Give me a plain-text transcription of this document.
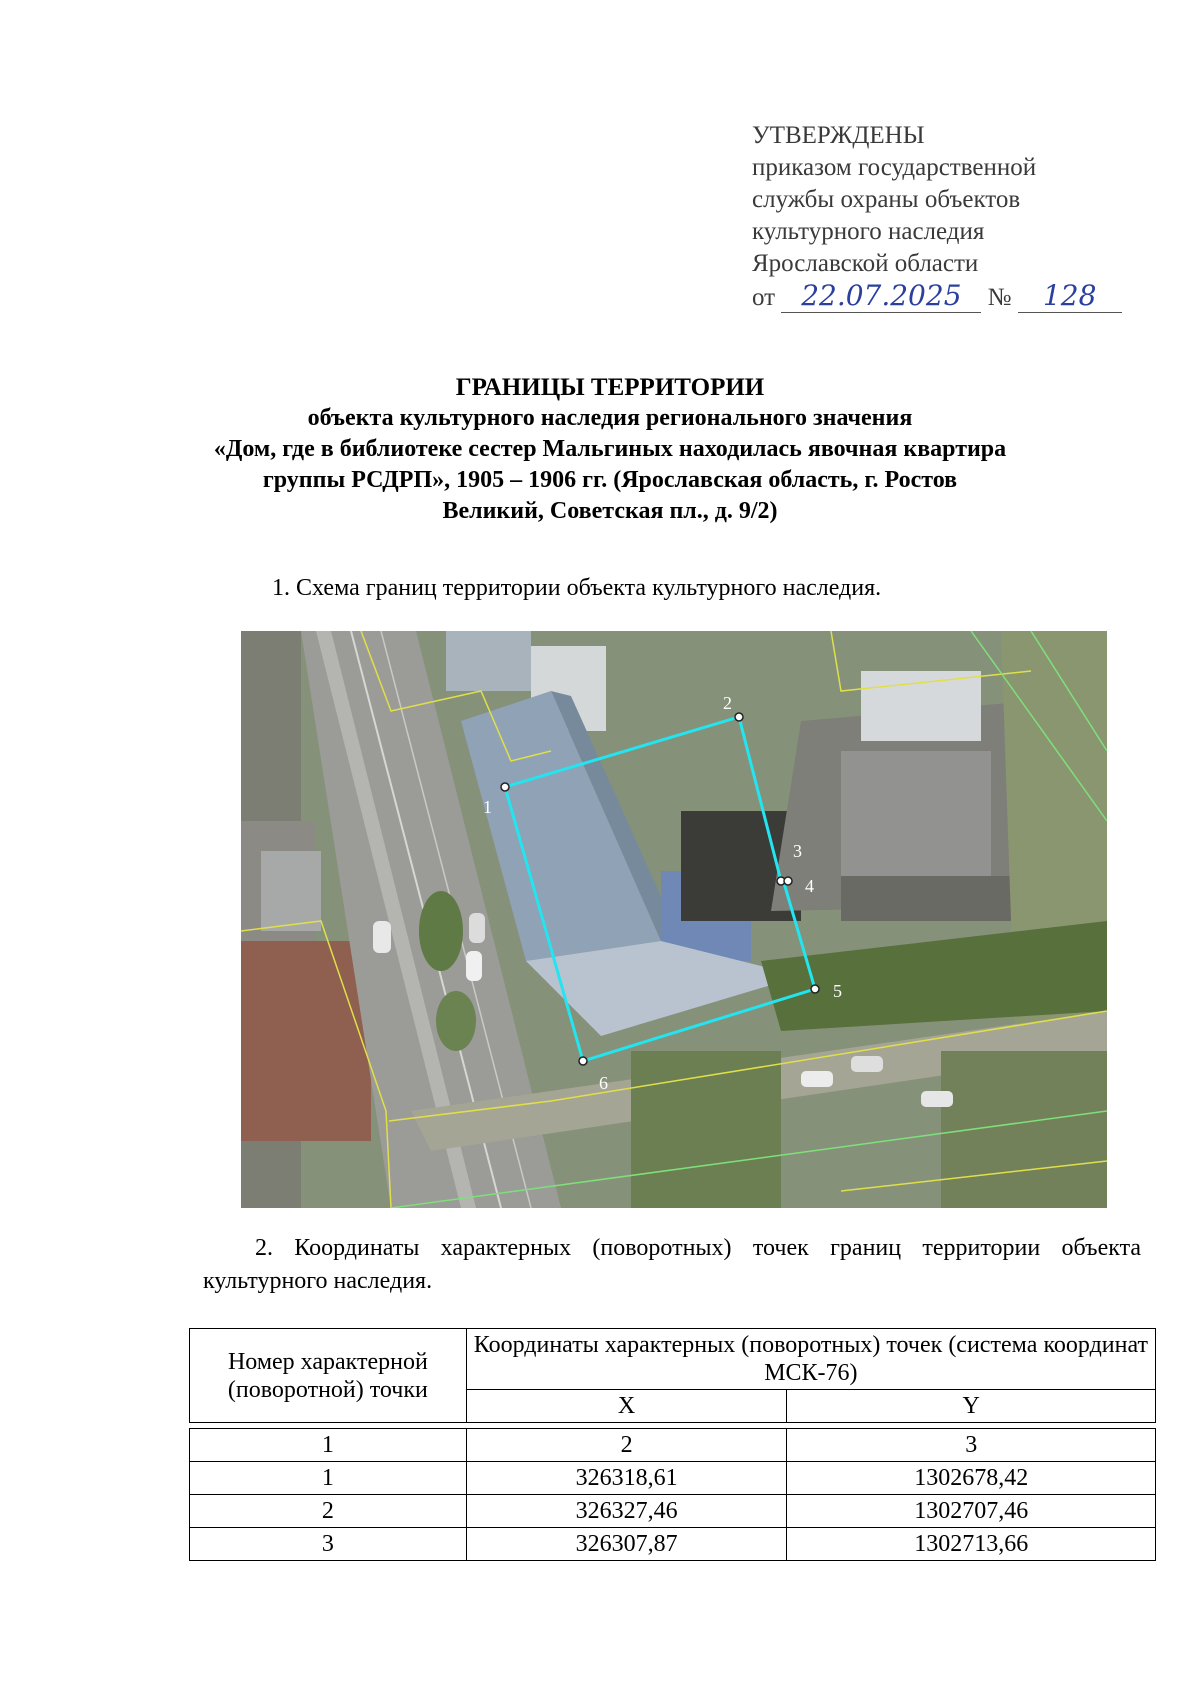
УТВЕРЖДЕНЫ
приказом государственной
службы охраны объектов
культурного наследия
Ярославской области
от 22.07.2025 № 128
ГРАНИЦЫ ТЕРРИТОРИИ
объекта культурного наследия регионального значения
«Дом, где в библиотеке сестер Мальгиных находилась явочная квартира
группы РСДРП», 1905 – 1906 гг. (Ярославская область, г. Ростов
Великий, Советская пл., д. 9/2)
1. Схема границ территории объекта культурного наследия.
1
2
3
4
5
6
2. Координаты характерных (поворотных) точек границ территории объекта культурного наследия.
Номер характерной (поворотной) точки	Координаты характерных (поворотных) точек (системa координат МСК-76)	
	X	Y

1	2	3
1	326318,61	1302678,42
2	326327,46	1302707,46
3	326307,87	1302713,66
